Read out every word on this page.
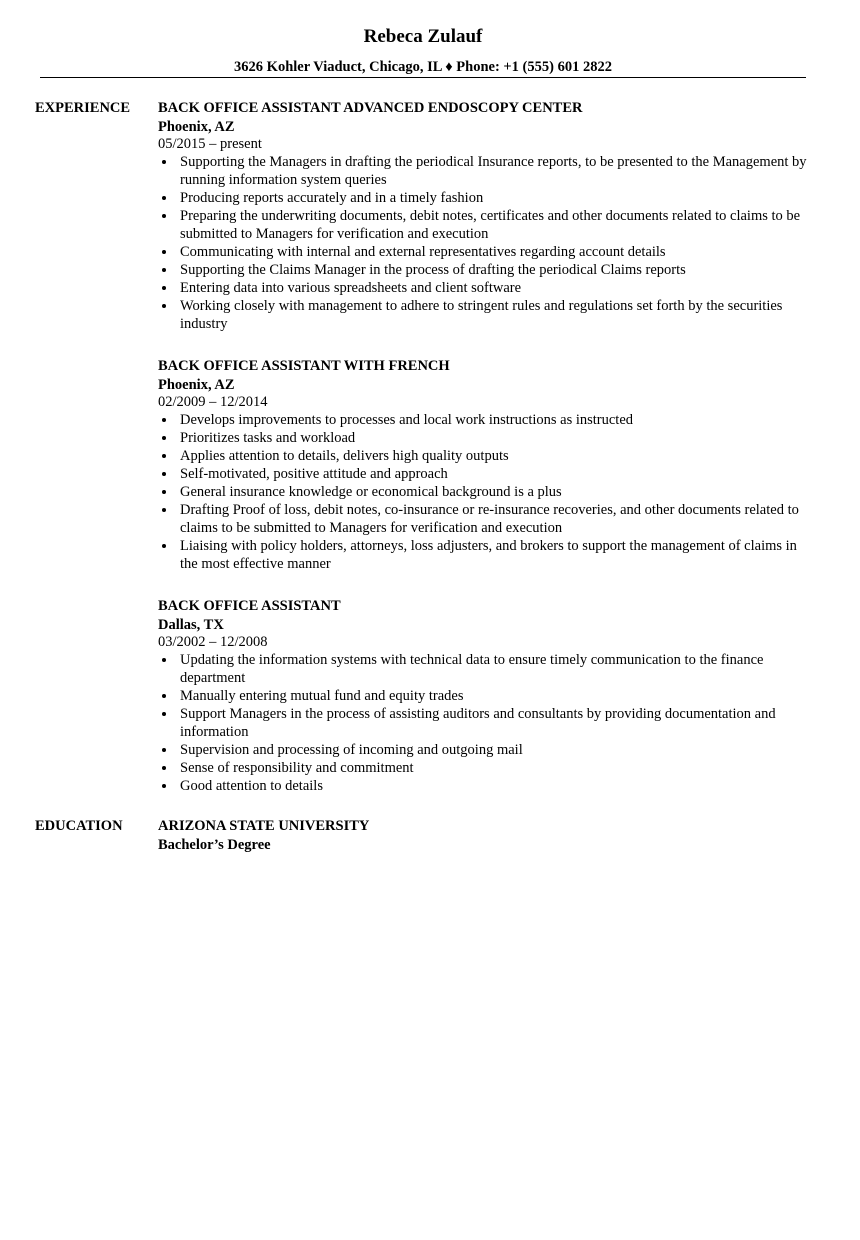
Rebeca Zulauf
3626 Kohler Viaduct, Chicago, IL ♦ Phone: +1 (555) 601 2822
EXPERIENCE BACK OFFICE ASSISTANT ADVANCED ENDOSCOPY CENTER
Phoenix, AZ
05/2015 – present
Supporting the Managers in drafting the periodical Insurance reports, to be presented to the Management by running information system queries
Producing reports accurately and in a timely fashion
Preparing the underwriting documents, debit notes, certificates and other documents related to claims to be submitted to Managers for verification and execution
Communicating with internal and external representatives regarding account details
Supporting the Claims Manager in the process of drafting the periodical Claims reports
Entering data into various spreadsheets and client software
Working closely with management to adhere to stringent rules and regulations set forth by the securities industry
BACK OFFICE ASSISTANT WITH FRENCH
Phoenix, AZ
02/2009 – 12/2014
Develops improvements to processes and local work instructions as instructed
Prioritizes tasks and workload
Applies attention to details, delivers high quality outputs
Self-motivated, positive attitude and approach
General insurance knowledge or economical background is a plus
Drafting Proof of loss, debit notes, co-insurance or re-insurance recoveries, and other documents related to claims to be submitted to Managers for verification and execution
Liaising with policy holders, attorneys, loss adjusters, and brokers to support the management of claims in the most effective manner
BACK OFFICE ASSISTANT
Dallas, TX
03/2002 – 12/2008
Updating the information systems with technical data to ensure timely communication to the finance department
Manually entering mutual fund and equity trades
Support Managers in the process of assisting auditors and consultants by providing documentation and information
Supervision and processing of incoming and outgoing mail
Sense of responsibility and commitment
Good attention to details
EDUCATION ARIZONA STATE UNIVERSITY
Bachelor’s Degree
